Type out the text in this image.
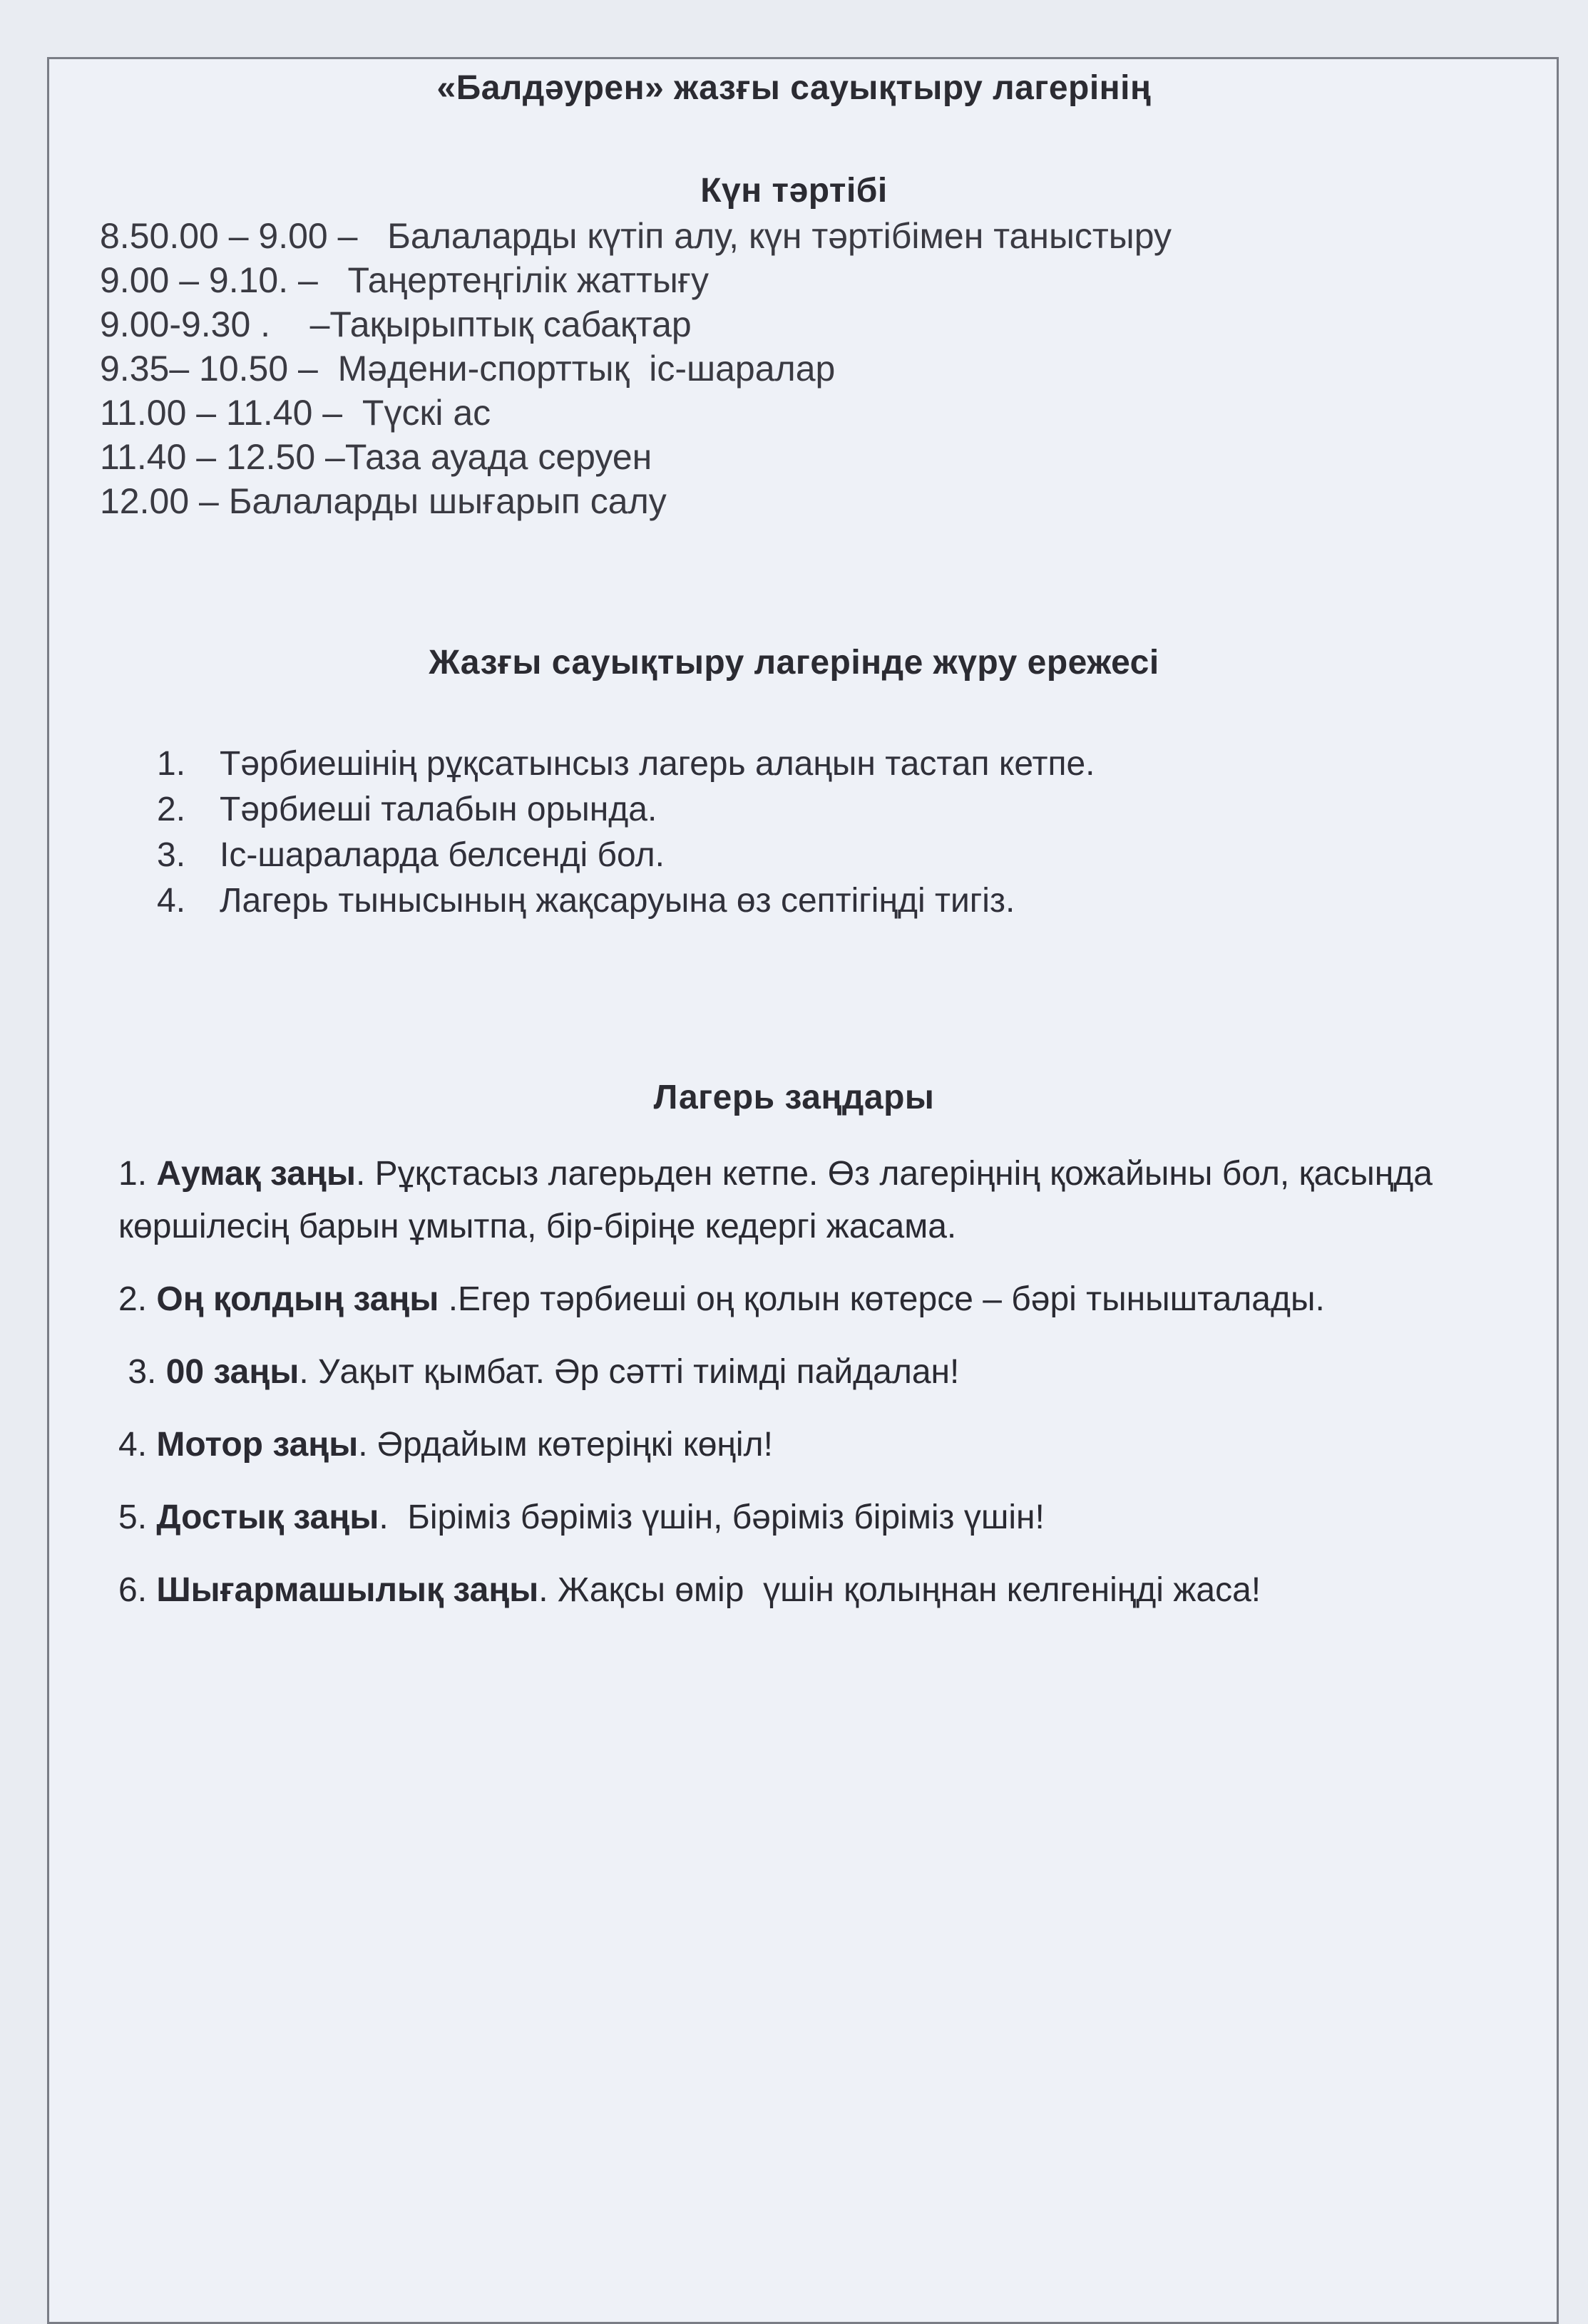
«Балдәурен» жазғы сауықтыру лагерінің
Күн тәртібі
8.50.00 – 9.00 –   Балаларды күтіп алу, күн тәртібімен таныстыру
9.00 – 9.10. –   Таңертеңгілік жаттығу
9.00-9.30 .    –Тақырыптық сабақтар
9.35– 10.50 –  Мәдени-спорттық  іс-шаралар
11.00 – 11.40 –  Түскі ас
11.40 – 12.50 –Таза ауада серуен
12.00 – Балаларды шығарып салу
Жазғы сауықтыру лагерінде жүру ережесі
1. Тәрбиешінің рұқсатынсыз лагерь алаңын тастап кетпе.
2. Тәрбиеші талабын орында.
3. Іс-шараларда белсенді бол.
4. Лагерь тынысының жақсаруына өз септігіңді тигіз.
Лагерь заңдары
1. Аумақ заңы. Рұқстасыз лагерьден кетпе. Өз лагеріңнің қожайыны бол, қасыңда көршілесің барын ұмытпа, бір-біріңе кедергі жасама.
2. Оң қолдың заңы .Егер тәрбиеші оң қолын көтерсе – бәрі тынышталады.
3. 00 заңы. Уақыт қымбат. Әр сәтті тиімді пайдалан!
4. Мотор заңы. Әрдайым көтеріңкі көңіл!
5. Достық заңы.  Біріміз бәріміз үшін, бәріміз біріміз үшін!
6. Шығармашылық заңы. Жақсы өмір  үшін қолыңнан келгеніңді жаса!
